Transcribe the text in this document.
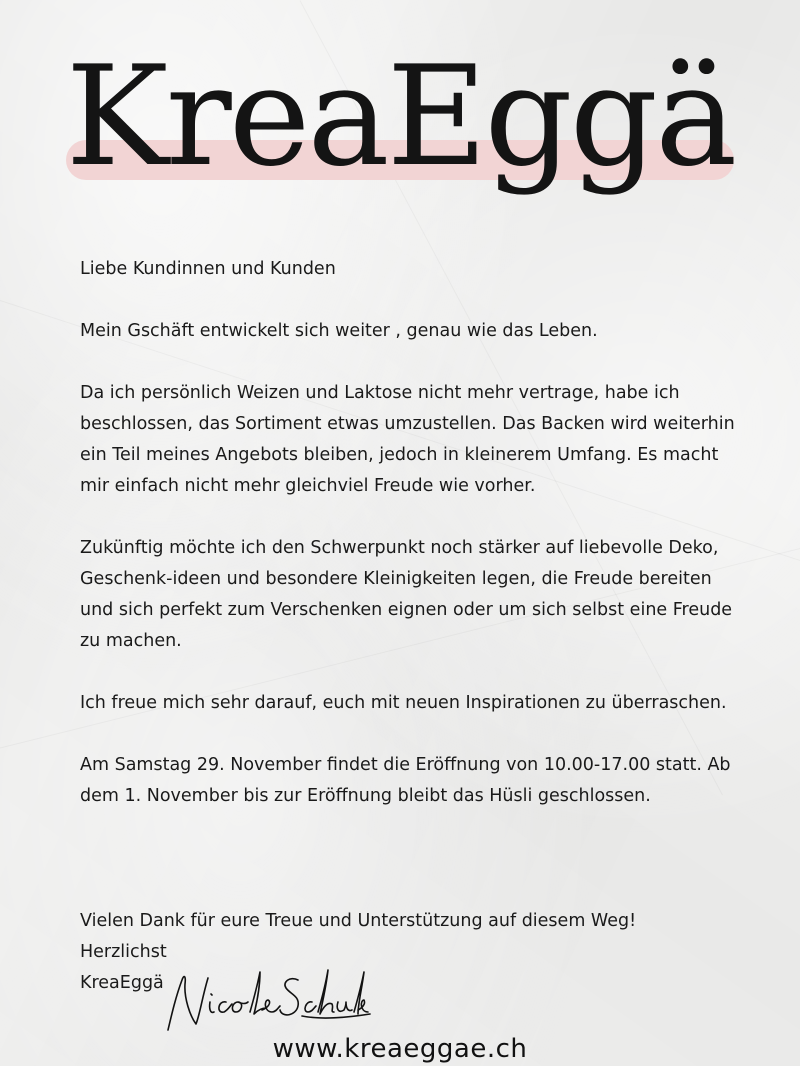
KreaEggä

Liebe Kundinnen und Kunden

Mein Gschäft entwickelt sich weiter , genau wie das Leben.

Da ich persönlich Weizen und Laktose nicht mehr vertrage, habe ich beschlossen, das Sortiment etwas umzustellen. Das Backen wird weiterhin ein Teil meines Angebots bleiben, jedoch in kleinerem Umfang. Es macht mir einfach nicht mehr gleichviel Freude wie vorher.

Zukünftig möchte ich den Schwerpunkt noch stärker auf liebevolle Deko, Geschenk-ideen und besondere Kleinigkeiten legen, die Freude bereiten und sich perfekt zum Verschenken eignen oder um sich selbst eine Freude zu machen.

Ich freue mich sehr darauf, euch mit neuen Inspirationen zu überraschen.

Am Samstag 29. November findet die Eröffnung von 10.00-17.00 statt. Ab dem 1. November bis zur Eröffnung bleibt das Hüsli geschlossen.

Vielen Dank für eure Treue und Unterstützung auf diesem Weg!
Herzlichst
KreaEggä
www.kreaeggae.ch
